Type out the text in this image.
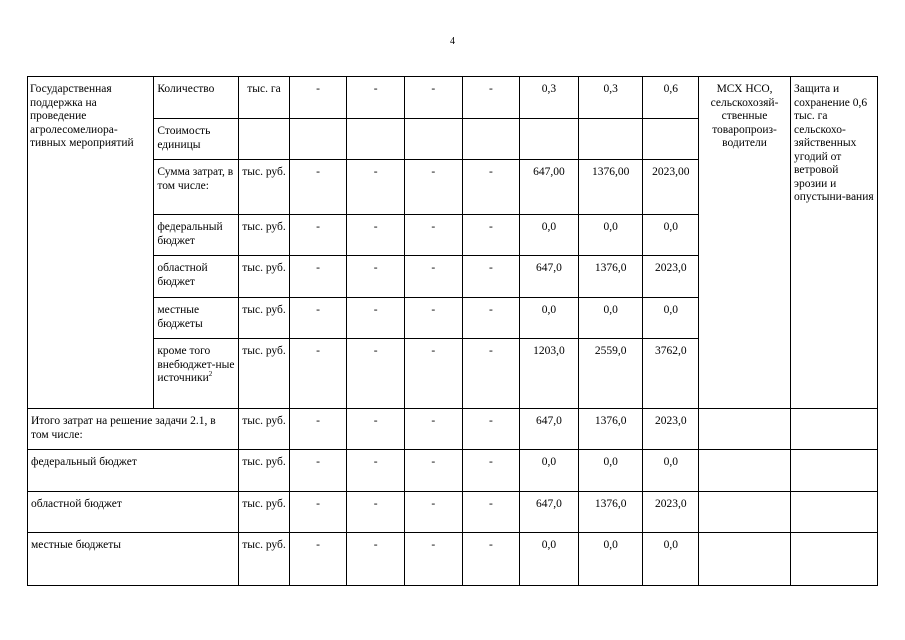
4
Государственная поддержка на проведение агролесомелиора-тивных мероприятий	Количество	тыс. га	-	-	-	-	0,3	0,3	0,6	МСХ НСО, сельскохозяй-ственные товаропроиз-водители	Защита и сохранение 0,6 тыс. га сельскохо-зяйственных угодий от ветровой эрозии и опустыни-вания
	Стоимость единицы										
	Сумма затрат, в том числе:	тыс. руб.	-	-	-	-	647,00	1376,00	2023,00		
	федеральный бюджет	тыс. руб.	-	-	-	-	0,0	0,0	0,0		
	областной бюджет	тыс. руб.	-	-	-	-	647,0	1376,0	2023,0		
	местные бюджеты	тыс. руб.	-	-	-	-	0,0	0,0	0,0		
	кроме того внебюджет-ные источники$^2$	тыс. руб.	-	-	-	-	1203,0	2559,0	3762,0		
Итого затрат на решение задачи 2.1, в том числе:		тыс. руб.	-	-	-	-	647,0	1376,0	2023,0		
федеральный бюджет		тыс. руб.	-	-	-	-	0,0	0,0	0,0		
областной бюджет		тыс. руб.	-	-	-	-	647,0	1376,0	2023,0		
местные бюджеты		тыс. руб.	-	-	-	-	0,0	0,0	0,0		
